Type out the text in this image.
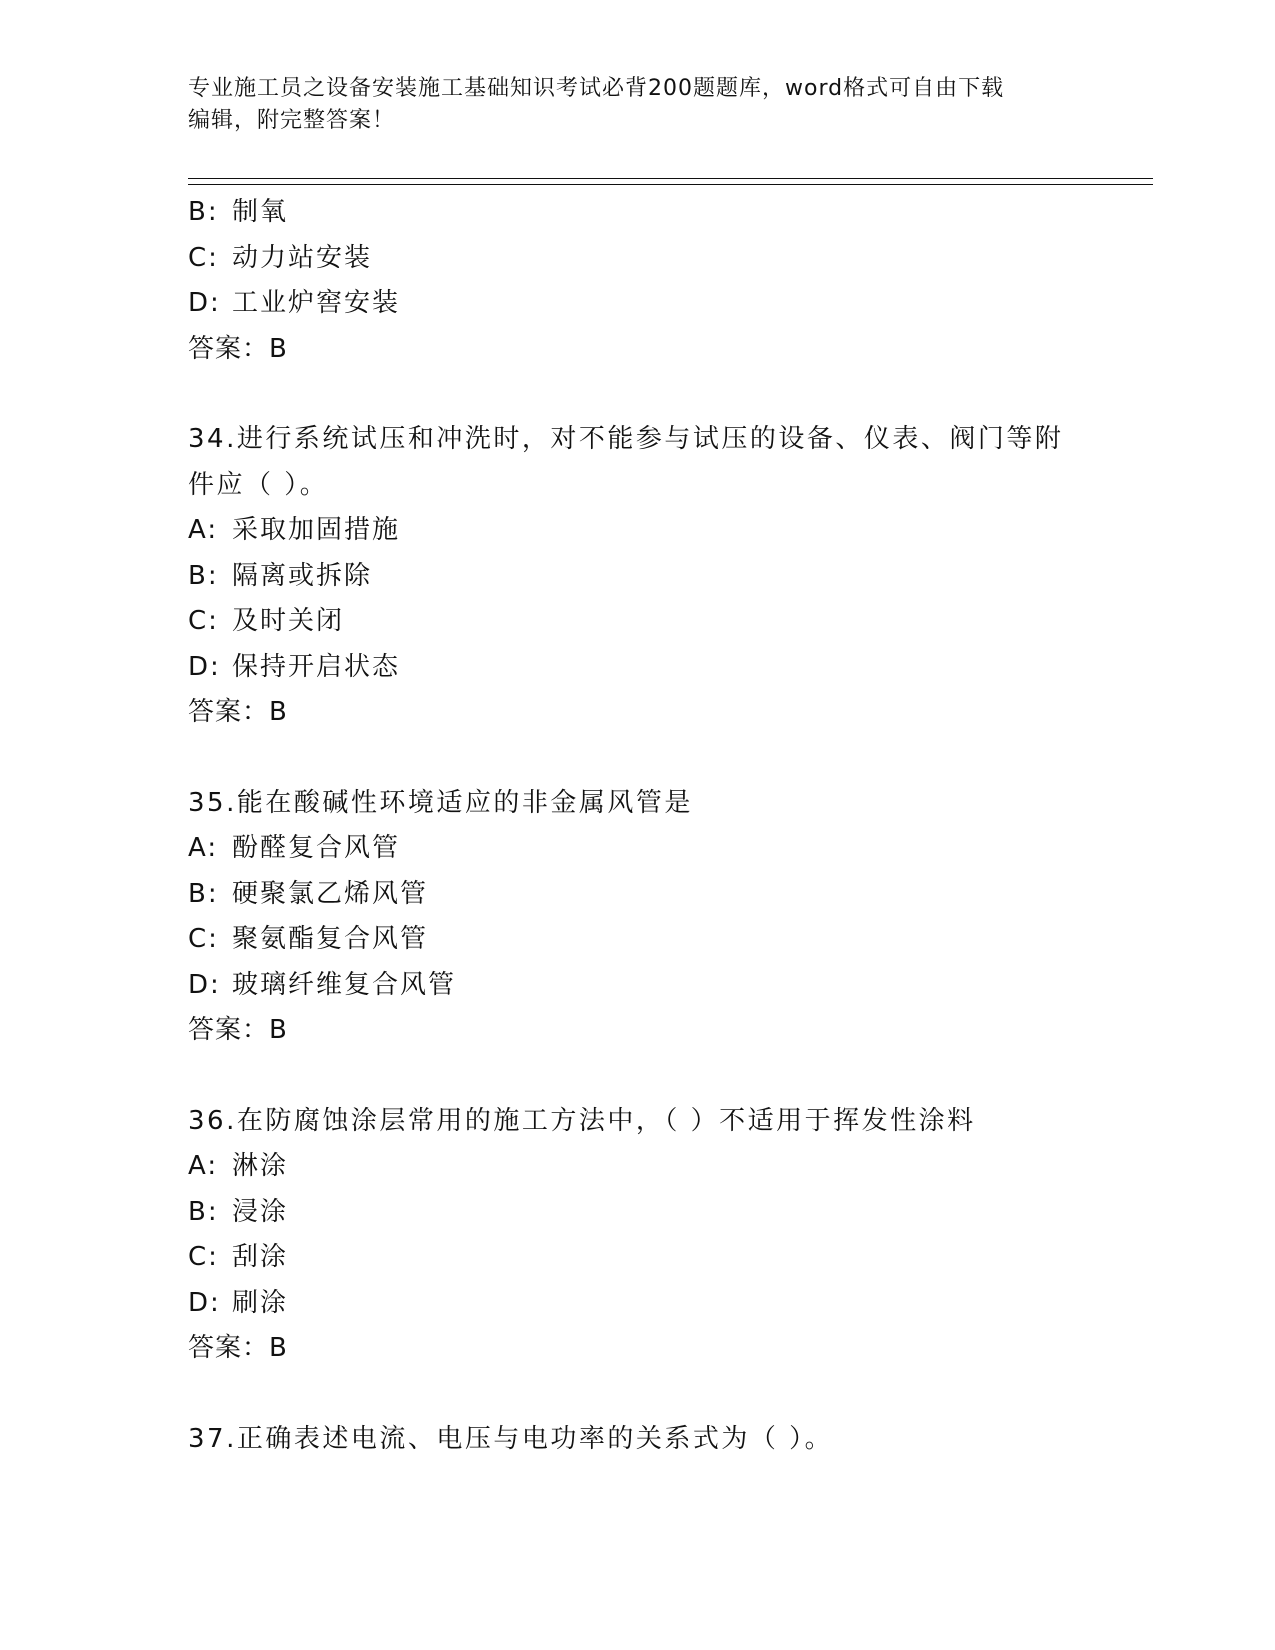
专业施工员之设备安装施工基础知识考试必背200题题库，word格式可自由下载
编辑，附完整答案！
B: 制氧
C: 动力站安装
D: 工业炉窖安装
答案：B
34.进行系统试压和冲洗时，对不能参与试压的设备、仪表、阀门等附
件应（ ）。
A: 采取加固措施
B: 隔离或拆除
C: 及时关闭
D: 保持开启状态
答案：B
35.能在酸碱性环境适应的非金属风管是
A: 酚醛复合风管
B: 硬聚氯乙烯风管
C: 聚氨酯复合风管
D: 玻璃纤维复合风管
答案：B
36.在防腐蚀涂层常用的施工方法中，（ ）不适用于挥发性涂料
A: 淋涂
B: 浸涂
C: 刮涂
D: 刷涂
答案：B
37.正确表述电流、电压与电功率的关系式为（ ）。
